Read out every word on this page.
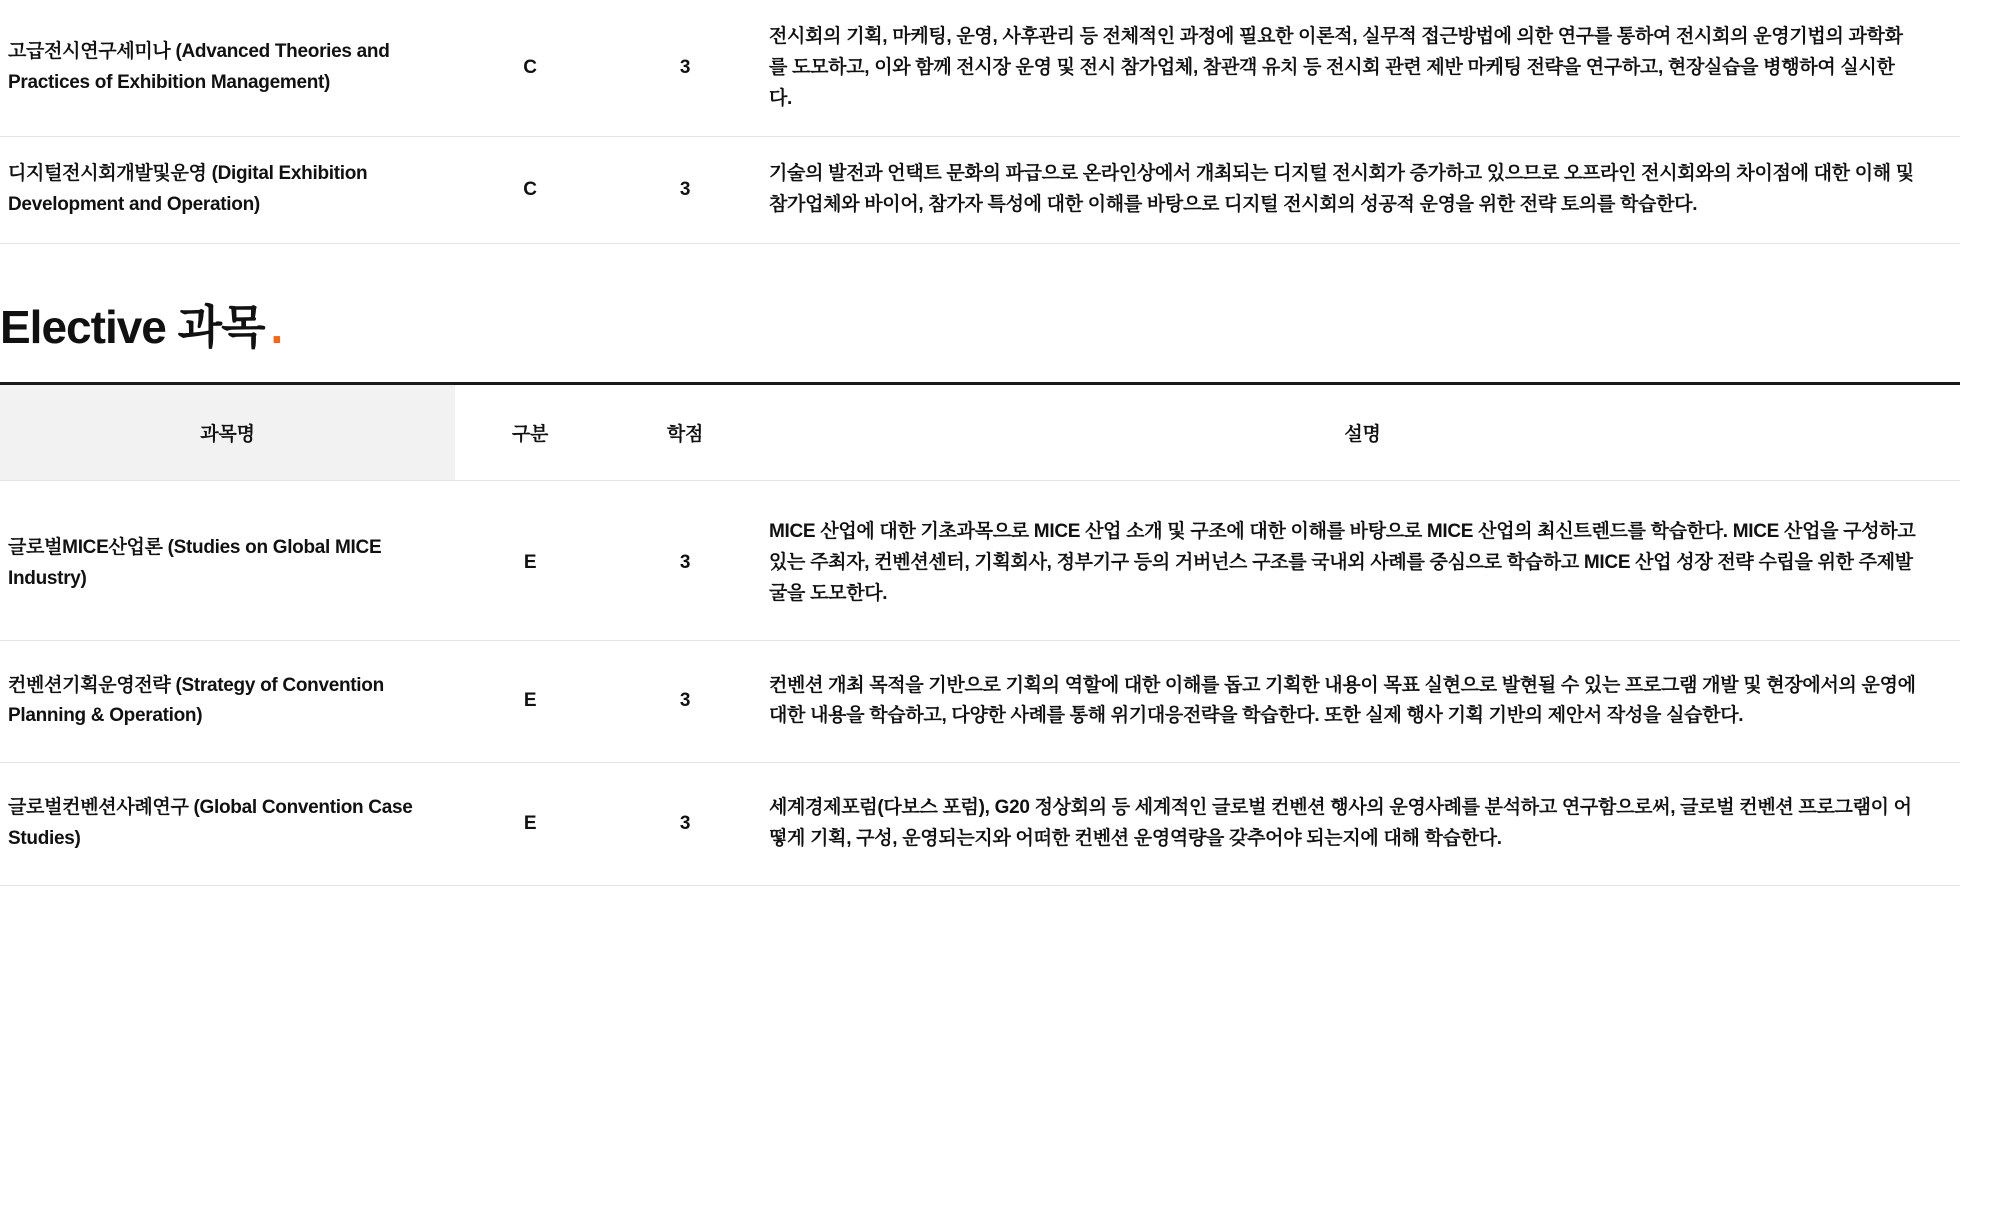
고급전시연구세미나 (Advanced Theories and Practices of Exhibition Management)	C	3	전시회의 기획, 마케팅, 운영, 사후관리 등 전체적인 과정에 필요한 이론적, 실무적 접근방법에 의한 연구를 통하여 전시회의 운영기법의 과학화를 도모하고, 이와 함께 전시장 운영 및 전시 참가업체, 참관객 유치 등 전시회 관련 제반 마케팅 전략을 연구하고, 현장실습을 병행하여 실시한다.
디지털전시회개발및운영 (Digital Exhibition Development and Operation)	C	3	기술의 발전과 언택트 문화의 파급으로 온라인상에서 개최되는 디지털 전시회가 증가하고 있으므로 오프라인 전시회와의 차이점에 대한 이해 및 참가업체와 바이어, 참가자 특성에 대한 이해를 바탕으로 디지털 전시회의 성공적 운영을 위한 전략 토의를 학습한다.
Elective 과목 .
과목명	구분	학점	설명
글로벌MICE산업론 (Studies on Global MICE Industry)	E	3	MICE 산업에 대한 기초과목으로 MICE 산업 소개 및 구조에 대한 이해를 바탕으로 MICE 산업의 최신트렌드를 학습한다. MICE 산업을 구성하고 있는 주최자, 컨벤션센터, 기획회사, 정부기구 등의 거버넌스 구조를 국내외 사례를 중심으로 학습하고 MICE 산업 성장 전략 수립을 위한 주제발굴을 도모한다.
컨벤션기획운영전략 (Strategy of Convention Planning & Operation)	E	3	컨벤션 개최 목적을 기반으로 기획의 역할에 대한 이해를 돕고 기획한 내용이 목표 실현으로 발현될 수 있는 프로그램 개발 및 현장에서의 운영에 대한 내용을 학습하고, 다양한 사례를 통해 위기대응전략을 학습한다. 또한 실제 행사 기획 기반의 제안서 작성을 실습한다.
글로벌컨벤션사례연구 (Global Convention Case Studies)	E	3	세계경제포럼(다보스 포럼), G20 정상회의 등 세계적인 글로벌 컨벤션 행사의 운영사례를 분석하고 연구함으로써, 글로벌 컨벤션 프로그램이 어떻게 기획, 구성, 운영되는지와 어떠한 컨벤션 운영역량을 갖추어야 되는지에 대해 학습한다.
